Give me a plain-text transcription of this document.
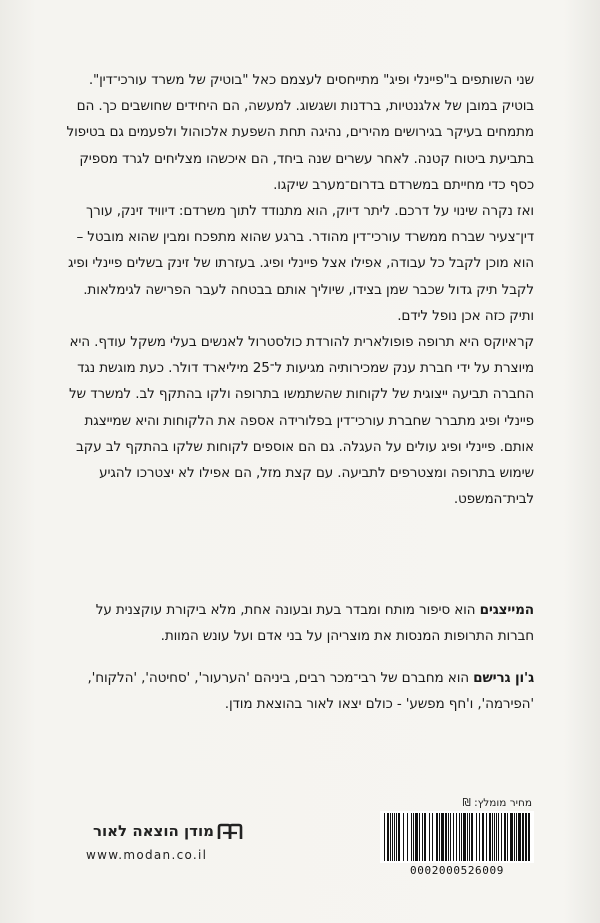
שני השותפים ב"פיינלי ופיג" מתייחסים לעצמם כאל "בוטיק של משרד עורכי־דין". בוטיק במובן של אלגנטיות, ברדנות ושגשוג. למעשה, הם היחידים שחושבים כך. הם מתמחים בעיקר בגירושים מהירים, נהיגה תחת השפעת אלכוהול ולפעמים גם בטיפול בתביעת ביטוח קטנה. לאחר עשרים שנה ביחד, הם איכשהו מצליחים לגרד מספיק כסף כדי מחייתם במשרדם בדרום־מערב שיקגו.

ואז נקרה שינוי על דרכם. ליתר דיוק, הוא מתנודד לתוך משרדם: דיוויד זינק, עורך דין־צעיר שברח ממשרד עורכי־דין מהודר. ברגע שהוא מתפכח ומבין שהוא מובטל – הוא מוכן לקבל כל עבודה, אפילו אצל פיינלי ופיג. בעזרתו של זינק בשלים פיינלי ופיג לקבל תיק גדול שכבר שמן בצידו, שיוליך אותם בבטחה לעבר הפרישה לגימלאות.

ותיק כזה אכן נופל לידם.

קראיוקס היא תרופה פופולארית להורדת כולסטרול לאנשים בעלי משקל עודף. היא מיוצרת על ידי חברת ענק שמכירותיה מגיעות ל־25 מיליארד דולר. כעת מוגשת נגד החברה תביעה ייצוגית של לקוחות שהשתמשו בתרופה ולקו בהתקף לב. למשרד של פיינלי ופיג מתברר שחברת עורכי־דין בפלורידה אספה את הלקוחות והיא שמייצגת אותם. פיינלי ופיג עולים על העגלה. גם הם אוספים לקוחות שלקו בהתקף לב עקב שימוש בתרופה ומצטרפים לתביעה. עם קצת מזל, הם אפילו לא יצטרכו להגיע לבית־המשפט.

המייצגים הוא סיפור מותח ומבדר בעת ובעונה אחת, מלא ביקורת עוקצנית על חברות התרופות המנסות את מוצריהן על בני אדם ועל עונש המוות.

ג'ון גרישם הוא מחברם של רבי־מכר רבים, ביניהם 'הערעור', 'סחיטה', 'הלקוח', 'הפירמה', ו'חף מפשע' - כולם יצאו לאור בהוצאת מודן.

מחיר מומלץ: ₪
0002000526009
מודן הוצאה לאור
www.modan.co.il
